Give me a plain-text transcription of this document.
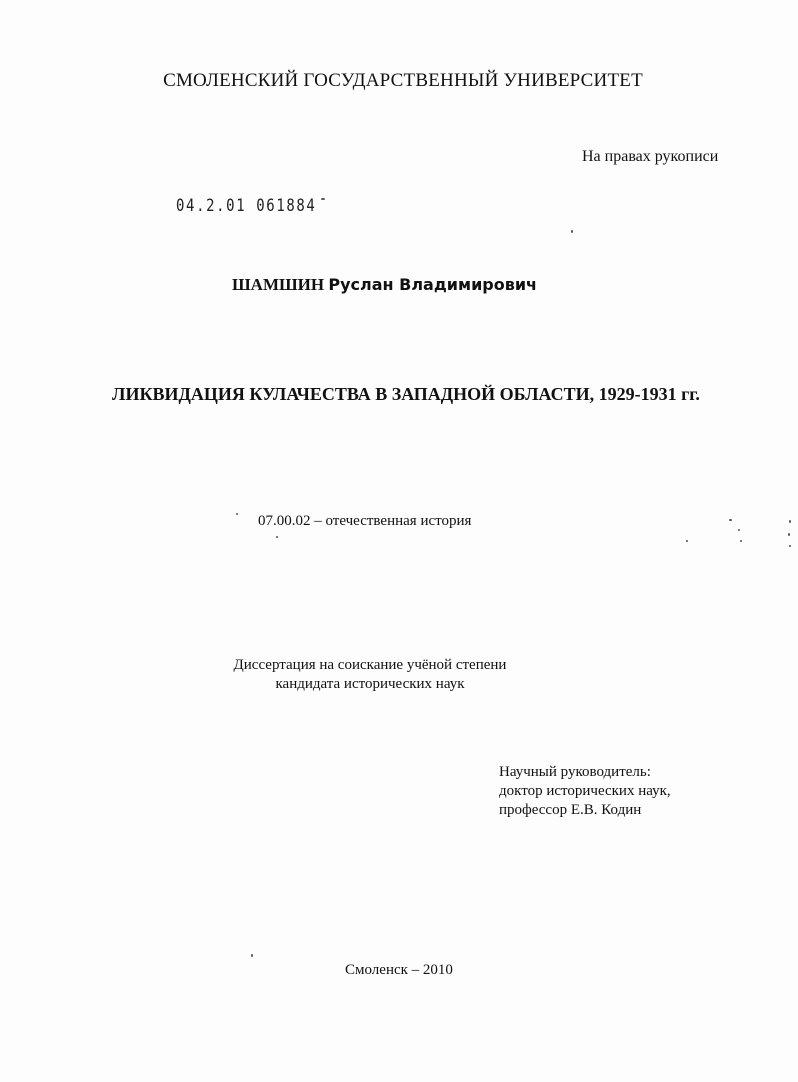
СМОЛЕНСКИЙ ГОСУДАРСТВЕННЫЙ УНИВЕРСИТЕТ
На правах рукописи
04.2.01 061884
ШАМШИН Руслан Владимирович
ЛИКВИДАЦИЯ КУЛАЧЕСТВА В ЗАПАДНОЙ ОБЛАСТИ, 1929-1931 гг.
07.00.02 – отечественная история
Диссертация на соискание учёной степени
кандидата исторических наук
Научный руководитель:
доктор исторических наук,
профессор Е.В. Кодин
Смоленск – 2010
